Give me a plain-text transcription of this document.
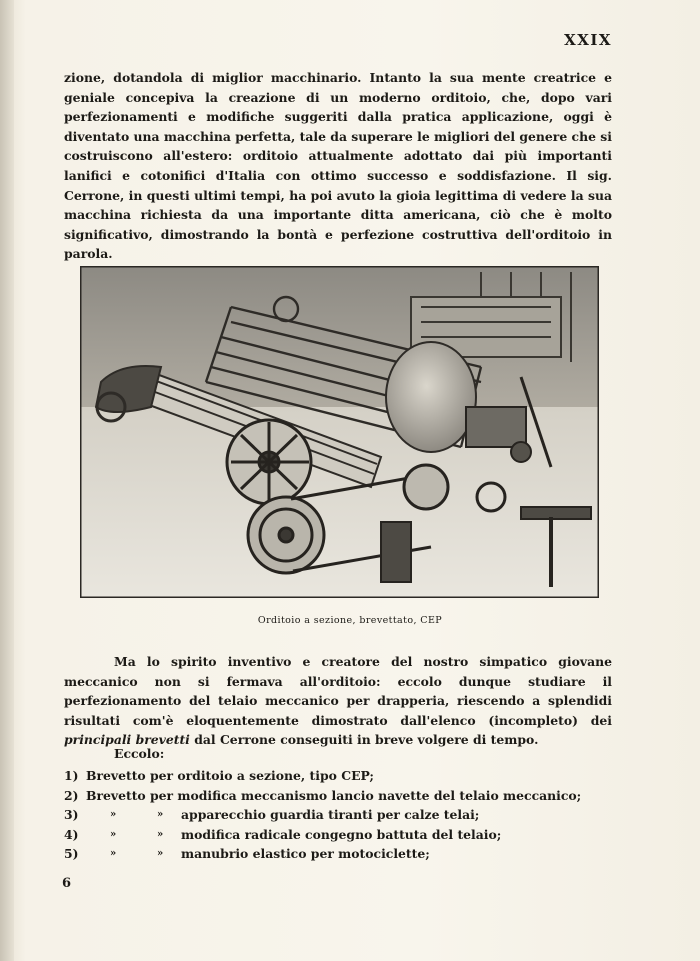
XXIX

zione, dotandola di miglior macchinario. Intanto la sua mente creatrice e geniale concepiva la creazione di un moderno orditoio, che, dopo vari perfezionamenti e modifiche suggeriti dalla pratica applicazione, oggi è diventato una macchina perfetta, tale da superare le migliori del genere che si costruiscono all'estero: orditoio attualmente adottato dai più importanti lanifici e cotonifici d'Italia con ottimo successo e soddisfazione. Il sig. Cerrone, in questi ultimi tempi, ha poi avuto la gioia legittima di vedere la sua macchina richiesta da una importante ditta americana, ciò che è molto significativo, dimostrando la bontà e perfezione costruttiva dell'orditoio in parola.

Orditoio a sezione, brevettato, CEP

Ma lo spirito inventivo e creatore del nostro simpatico giovane meccanico non si fermava all'orditoio: eccolo dunque studiare il perfezionamento del telaio meccanico per drapperia, riescendo a splendidi risultati com'è eloquentemente dimostrato dall'elenco (incompleto) dei principali brevetti dal Cerrone conseguiti in breve volgere di tempo.

Eccolo:
1) Brevetto per orditoio a sezione, tipo CEP;
2) Brevetto per modifica meccanismo lancio navette del telaio meccanico;
3)	»	» apparecchio guardia tiranti per calze telai;
4)	»	» modifica radicale congegno battuta del telaio;
5)	»	» manubrio elastico per motociclette;
6
